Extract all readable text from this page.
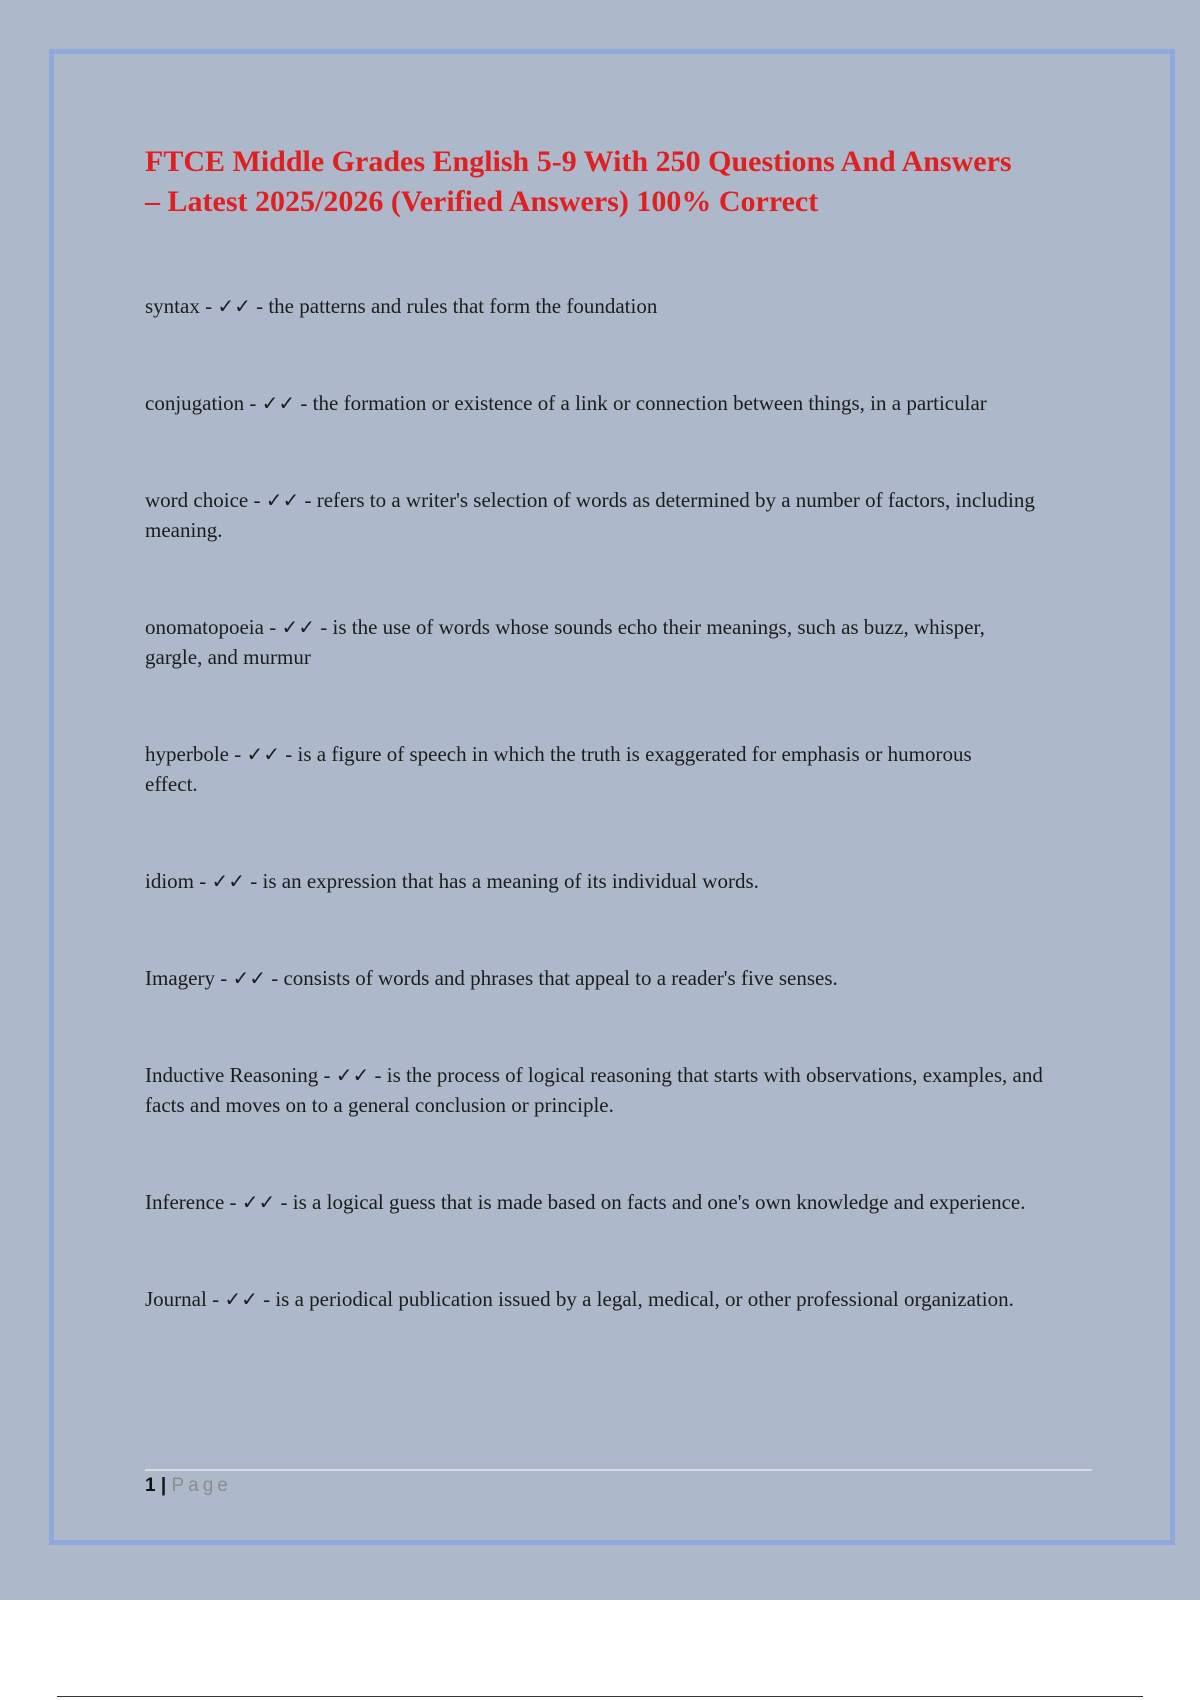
FTCE Middle Grades English 5-9 With 250 Questions And Answers
– Latest 2025/2026 (Verified Answers) 100% Correct

syntax - ✓✓ - the patterns and rules that form the foundation

conjugation - ✓✓ - the formation or existence of a link or connection between things, in a particular

word choice - ✓✓ - refers to a writer's selection of words as determined by a number of factors, including meaning.

onomatopoeia - ✓✓ - is the use of words whose sounds echo their meanings, such as buzz, whisper, gargle, and murmur

hyperbole - ✓✓ - is a figure of speech in which the truth is exaggerated for emphasis or humorous effect.

idiom - ✓✓ - is an expression that has a meaning of its individual words.

Imagery - ✓✓ - consists of words and phrases that appeal to a reader's five senses.

Inductive Reasoning - ✓✓ - is the process of logical reasoning that starts with observations, examples, and facts and moves on to a general conclusion or principle.

Inference - ✓✓ - is a logical guess that is made based on facts and one's own knowledge and experience.

Journal - ✓✓ - is a periodical publication issued by a legal, medical, or other professional organization.

1 | Page
